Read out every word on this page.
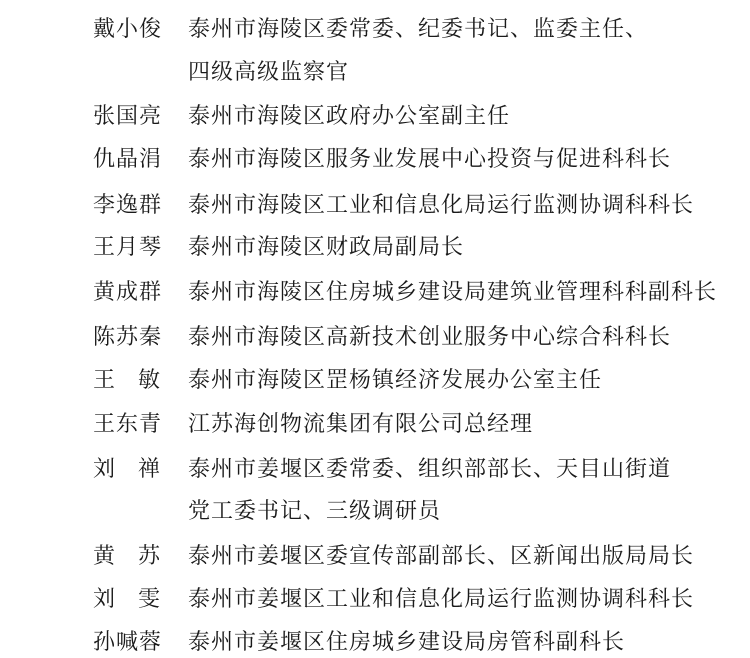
戴小俊	泰州市海陵区委常委、纪委书记、监委主任、
四级高级监察官
张国亮	泰州市海陵区政府办公室副主任
仇晶涓	泰州市海陵区服务业发展中心投资与促进科科长
李逸群	泰州市海陵区工业和信息化局运行监测协调科科长
王月琴	泰州市海陵区财政局副局长
黄成群	泰州市海陵区住房城乡建设局建筑业管理科科副科长
陈苏秦	泰州市海陵区高新技术创业服务中心综合科科长
王 敏 泰州市海陵区罡杨镇经济发展办公室主任
王东青	江苏海创物流集团有限公司总经理
刘 禅 泰州市姜堰区委常委、组织部部长、天目山街道
党工委书记、三级调研员
黄 苏 泰州市姜堰区委宣传部副部长、区新闻出版局局长
刘 雯 泰州市姜堰区工业和信息化局运行监测协调科科长
孙喊蓉	泰州市姜堰区住房城乡建设局房管科副科长
